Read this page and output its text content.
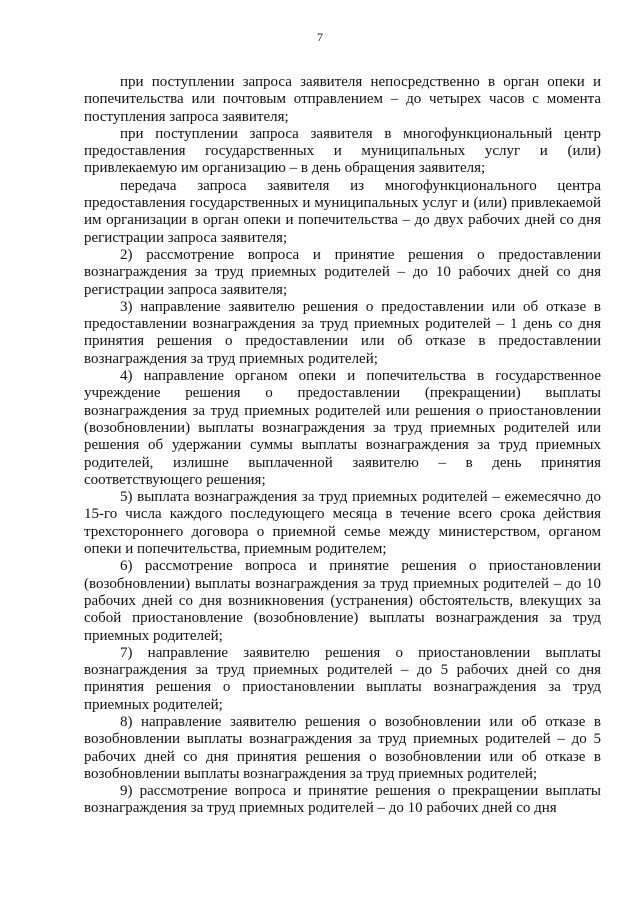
7

при поступлении запроса заявителя непосредственно в орган опеки и попечительства или почтовым отправлением – до четырех часов с момента поступления запроса заявителя;

при поступлении запроса заявителя в многофункциональный центр предоставления государственных и муниципальных услуг и (или) привлекаемую им организацию – в день обращения заявителя;

передача запроса заявителя из многофункционального центра предоставления государственных и муниципальных услуг и (или) привлекаемой им организации в орган опеки и попечительства – до двух рабочих дней со дня регистрации запроса заявителя;

2) рассмотрение вопроса и принятие решения о предоставлении вознаграждения за труд приемных родителей – до 10 рабочих дней со дня регистрации запроса заявителя;

3) направление заявителю решения о предоставлении или об отказе в предоставлении вознаграждения за труд приемных родителей – 1 день со дня принятия решения о предоставлении или об отказе в предоставлении вознаграждения за труд приемных родителей;

4) направление органом опеки и попечительства в государственное учреждение решения о предоставлении (прекращении) выплаты вознаграждения за труд приемных родителей или решения о приостановлении (возобновлении) выплаты вознаграждения за труд приемных родителей или решения об удержании суммы выплаты вознаграждения за труд приемных родителей, излишне выплаченной заявителю – в день принятия соответствующего решения;

5) выплата вознаграждения за труд приемных родителей – ежемесячно до 15-го числа каждого последующего месяца в течение всего срока действия трехстороннего договора о приемной семье между министерством, органом опеки и попечительства, приемным родителем;

6) рассмотрение вопроса и принятие решения о приостановлении (возобновлении) выплаты вознаграждения за труд приемных родителей – до 10 рабочих дней со дня возникновения (устранения) обстоятельств, влекущих за собой приостановление (возобновление) выплаты вознаграждения за труд приемных родителей;

7) направление заявителю решения о приостановлении выплаты вознаграждения за труд приемных родителей – до 5 рабочих дней со дня принятия решения о приостановлении выплаты вознаграждения за труд приемных родителей;

8) направление заявителю решения о возобновлении или об отказе в возобновлении выплаты вознаграждения за труд приемных родителей – до 5 рабочих дней со дня принятия решения о возобновлении или об отказе в возобновлении выплаты вознаграждения за труд приемных родителей;

9) рассмотрение вопроса и принятие решения о прекращении выплаты вознаграждения за труд приемных родителей – до 10 рабочих дней со дня
